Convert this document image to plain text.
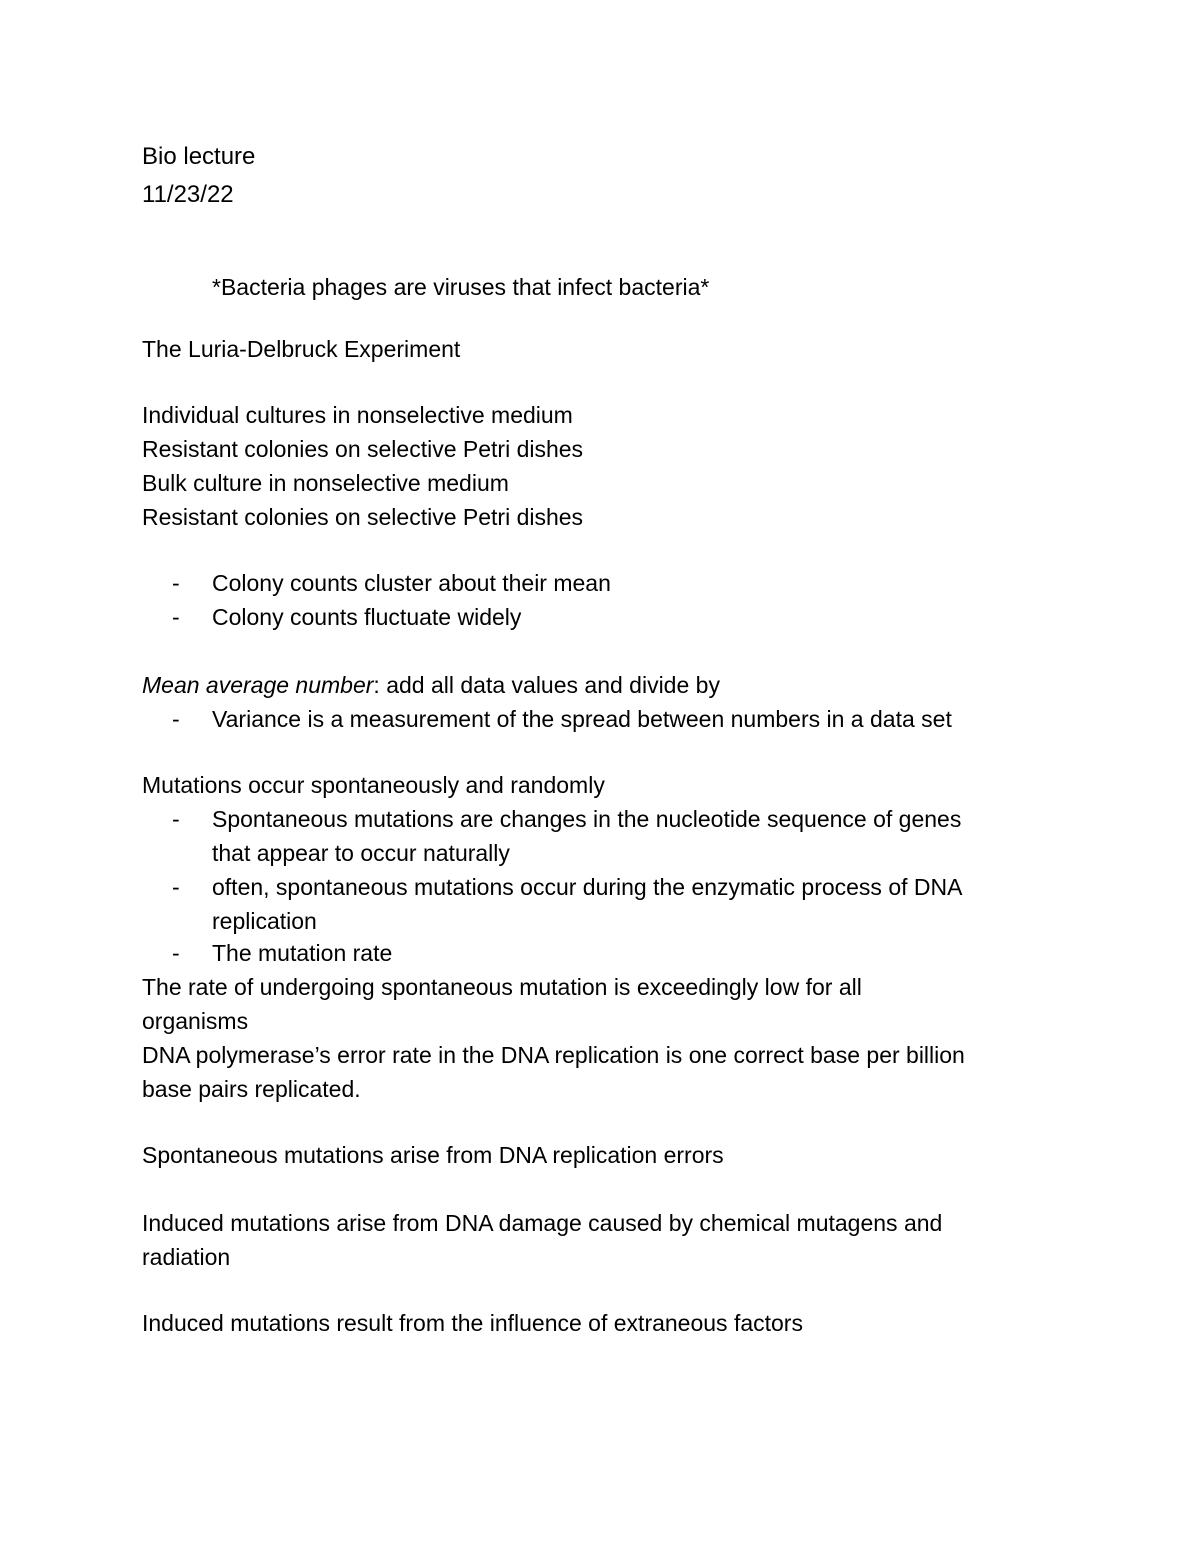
Bio lecture
11/23/22
*Bacteria phages are viruses that infect bacteria*
The Luria-Delbruck Experiment
Individual cultures in nonselective medium
Resistant colonies on selective Petri dishes
Bulk culture in nonselective medium
Resistant colonies on selective Petri dishes
- Colony counts cluster about their mean
- Colony counts fluctuate widely
Mean average number: add all data values and divide by
- Variance is a measurement of the spread between numbers in a data set
Mutations occur spontaneously and randomly
- Spontaneous mutations are changes in the nucleotide sequence of genes
that appear to occur naturally
- often, spontaneous mutations occur during the enzymatic process of DNA
replication
- The mutation rate
The rate of undergoing spontaneous mutation is exceedingly low for all
organisms
DNA polymerase’s error rate in the DNA replication is one correct base per billion
base pairs replicated.
Spontaneous mutations arise from DNA replication errors
Induced mutations arise from DNA damage caused by chemical mutagens and
radiation
Induced mutations result from the influence of extraneous factors
